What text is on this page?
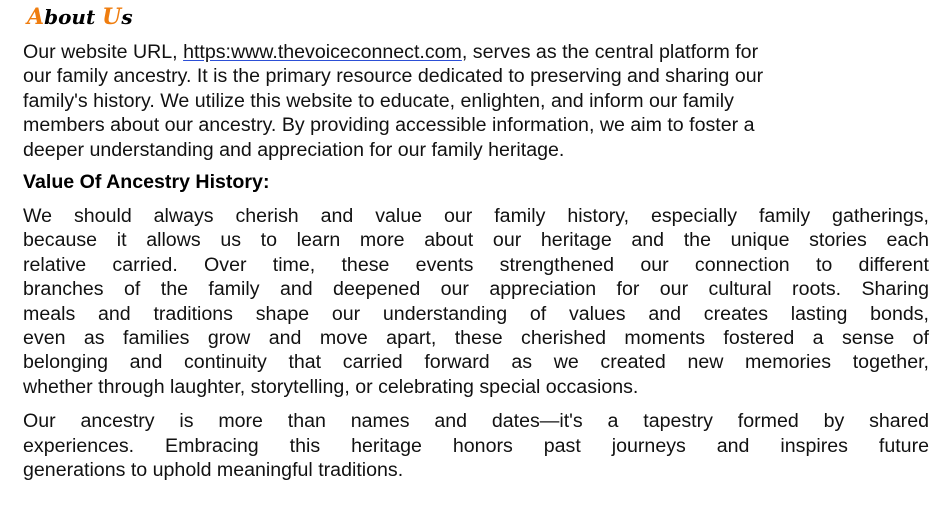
About Us

Our website URL, https:www.thevoiceconnect.com, serves as the central platform for
our family ancestry. It is the primary resource dedicated to preserving and sharing our
family's history. We utilize this website to educate, enlighten, and inform our family
members about our ancestry. By providing accessible information, we aim to foster a
deeper understanding and appreciation for our family heritage.

Value Of Ancestry History:

We should always cherish and value our family history, especially family gatherings,
because it allows us to learn more about our heritage and the unique stories each
relative carried. Over time, these events strengthened our connection to different
branches of the family and deepened our appreciation for our cultural roots. Sharing
meals and traditions shape our understanding of values and creates lasting bonds,
even as families grow and move apart, these cherished moments fostered a sense of
belonging and continuity that carried forward as we created new memories together,
whether through laughter, storytelling, or celebrating special occasions.

Our ancestry is more than names and dates—it's a tapestry formed by shared
experiences. Embracing this heritage honors past journeys and inspires future
generations to uphold meaningful traditions.
